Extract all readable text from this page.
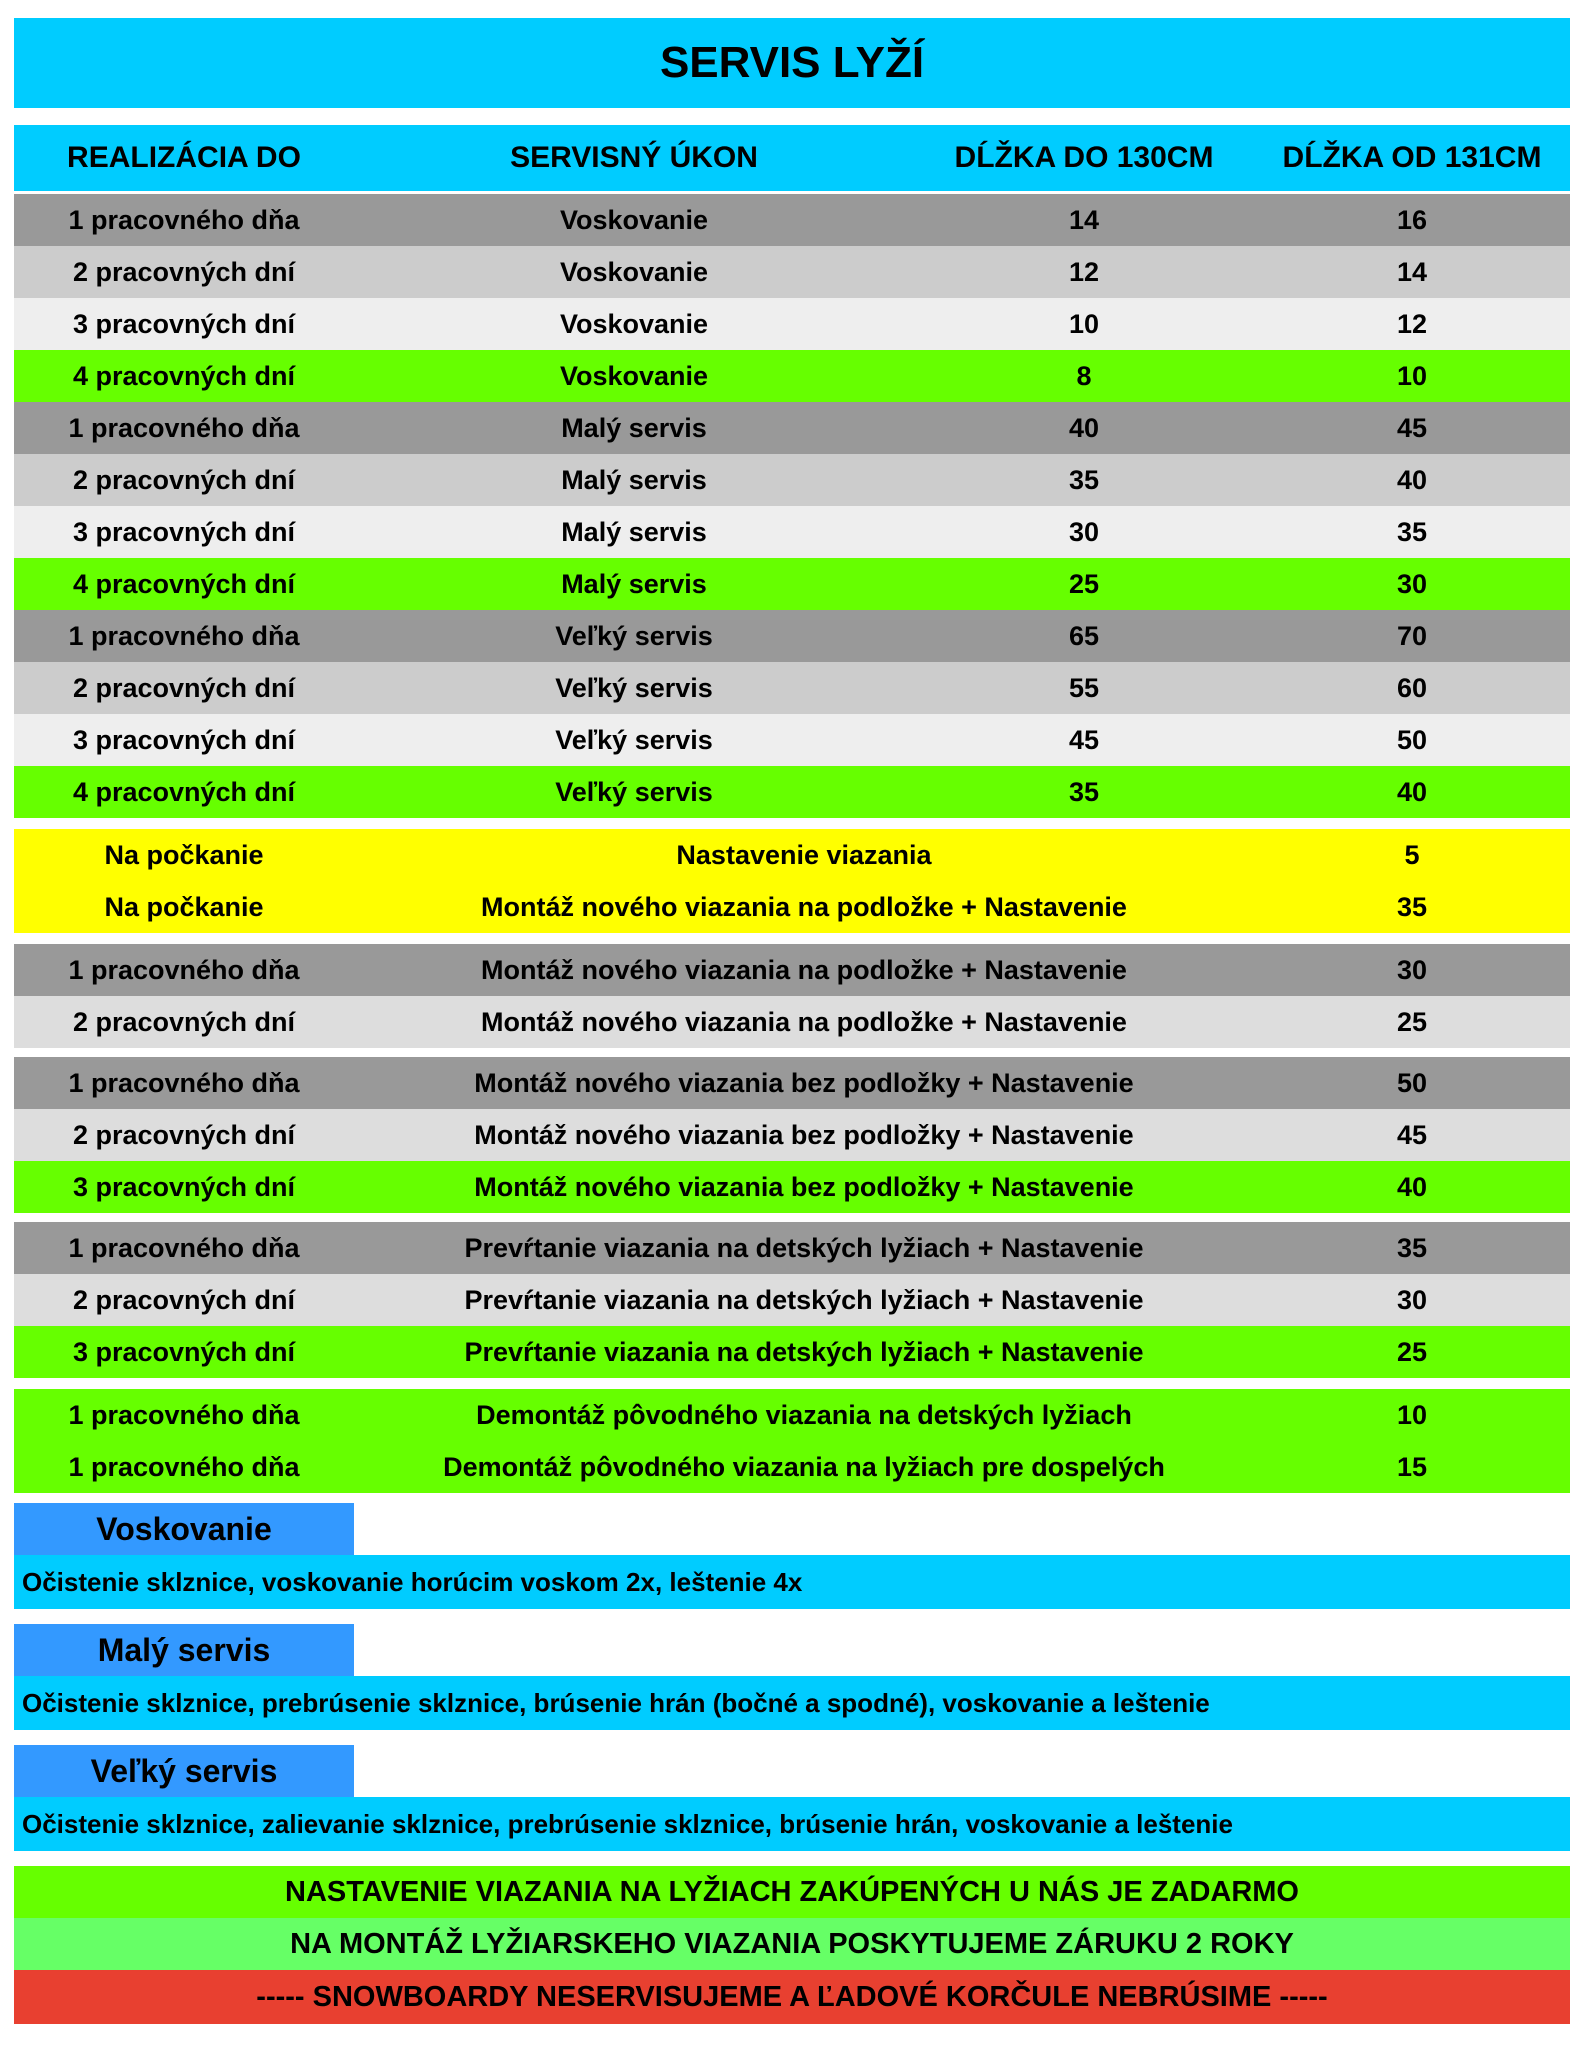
SERVIS LYŽÍ
REALIZÁCIA DO	SERVISNÝ ÚKON	DĹŽKA DO 130CM	DĹŽKA OD 131CM
1 pracovného dňa	Voskovanie	14	16
2 pracovných dní	Voskovanie	12	14
3 pracovných dní	Voskovanie	10	12
4 pracovných dní	Voskovanie	8	10
1 pracovného dňa	Malý servis	40	45
2 pracovných dní	Malý servis	35	40
3 pracovných dní	Malý servis	30	35
4 pracovných dní	Malý servis	25	30
1 pracovného dňa	Veľký servis	65	70
2 pracovných dní	Veľký servis	55	60
3 pracovných dní	Veľký servis	45	50
4 pracovných dní	Veľký servis	35	40
Na počkanie	Nastavenie viazania	5
Na počkanie	Montáž nového viazania na podložke + Nastavenie	35
1 pracovného dňa	Montáž nového viazania na podložke + Nastavenie	30
2 pracovných dní	Montáž nového viazania na podložke + Nastavenie	25
1 pracovného dňa	Montáž nového viazania bez podložky + Nastavenie	50
2 pracovných dní	Montáž nového viazania bez podložky + Nastavenie	45
3 pracovných dní	Montáž nového viazania bez podložky + Nastavenie	40
1 pracovného dňa	Prevŕtanie viazania na detských lyžiach + Nastavenie	35
2 pracovných dní	Prevŕtanie viazania na detských lyžiach + Nastavenie	30
3 pracovných dní	Prevŕtanie viazania na detských lyžiach + Nastavenie	25
1 pracovného dňa	Demontáž pôvodného viazania na detských lyžiach	10
1 pracovného dňa	Demontáž pôvodného viazania na lyžiach pre dospelých	15
Voskovanie
Očistenie sklznice, voskovanie horúcim voskom 2x, leštenie 4x
Malý servis
Očistenie sklznice, prebrúsenie sklznice, brúsenie hrán (bočné a spodné), voskovanie a leštenie
Veľký servis
Očistenie sklznice, zalievanie sklznice, prebrúsenie sklznice, brúsenie hrán, voskovanie a leštenie
NASTAVENIE VIAZANIA NA LYŽIACH ZAKÚPENÝCH U NÁS JE ZADARMO
NA MONTÁŽ LYŽIARSKEHO VIAZANIA POSKYTUJEME ZÁRUKU 2 ROKY
----- SNOWBOARDY NESERVISUJEME A ĽADOVÉ KORČULE NEBRÚSIME -----
